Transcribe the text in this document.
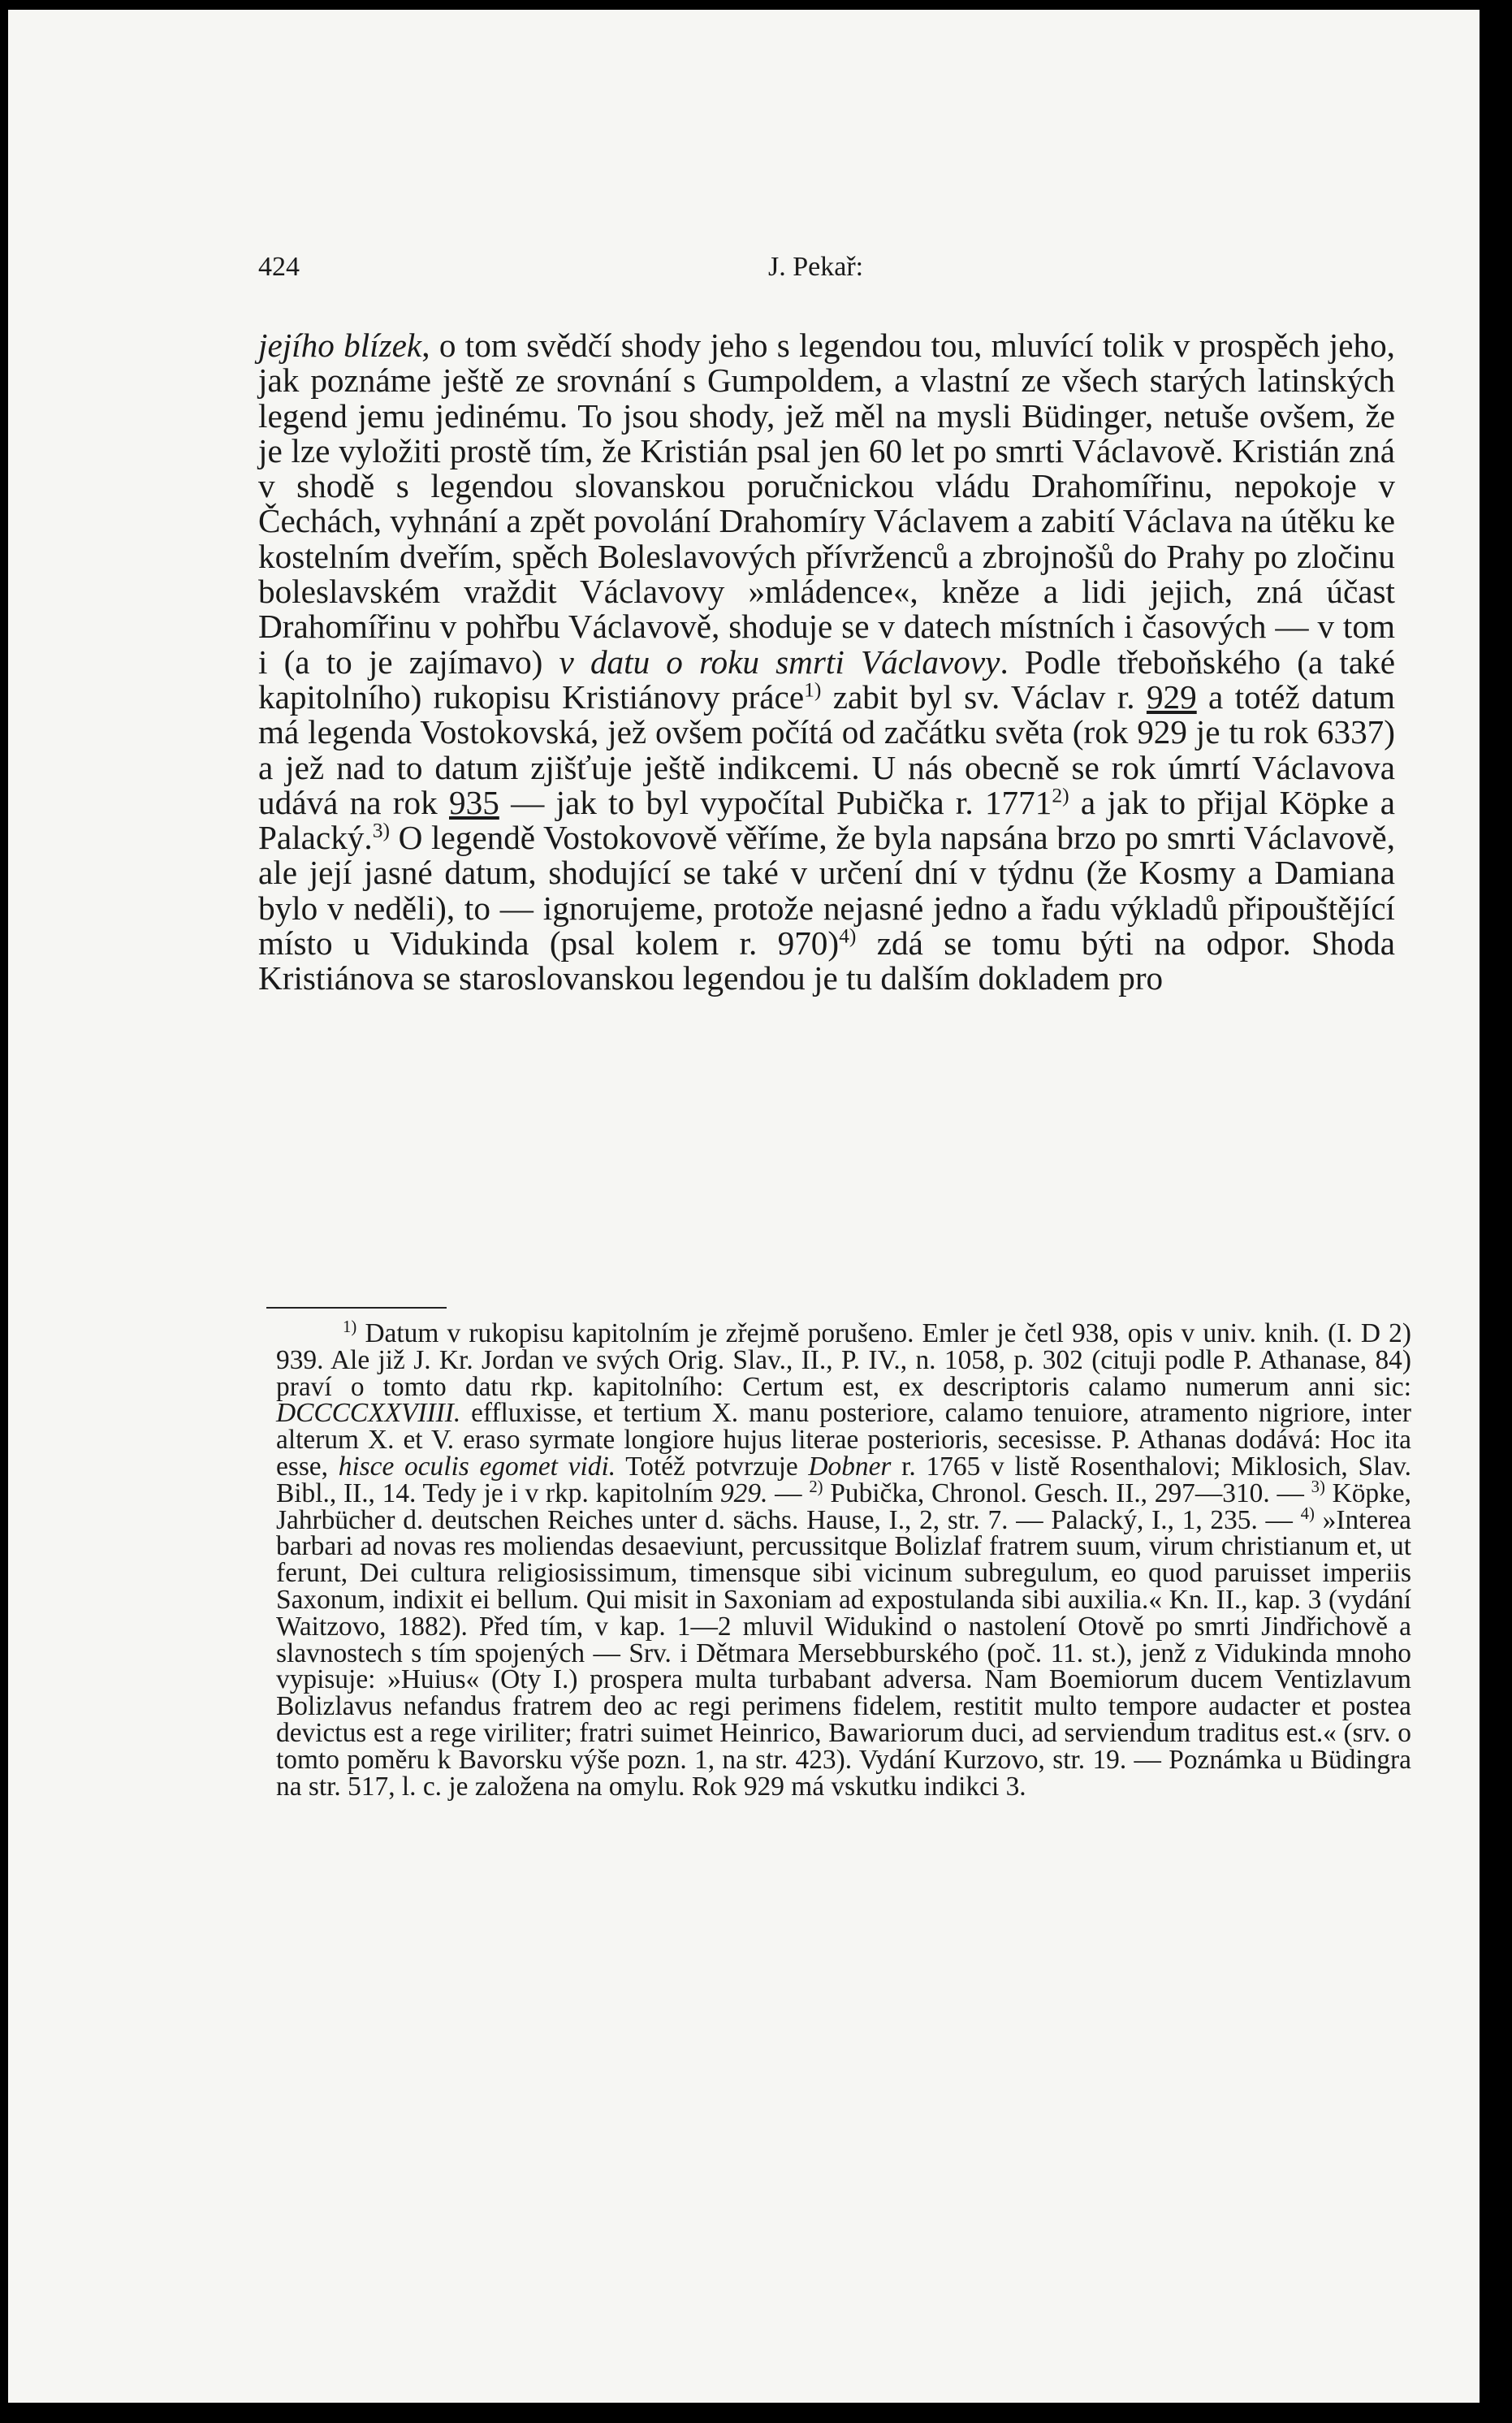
424	J. Pekař:

jejího blízek, o tom svědčí shody jeho s legendou tou, mluvící tolik v prospěch jeho, jak poznáme ještě ze srovnání s Gumpoldem, a vlastní ze všech starých latinských legend jemu jedinému. To jsou shody, jež měl na mysli Büdinger, netuše ovšem, že je lze vyložiti prostě tím, že Kristián psal jen 60 let po smrti Václavově. Kristián zná v shodě s legendou slovanskou poručnickou vládu Drahomířinu, nepokoje v Čechách, vyhnání a zpět povolání Drahomíry Václavem a zabití Václava na útěku ke kostelním dveřím, spěch Boleslavových přívrženců a zbrojnošů do Prahy po zločinu boleslavském vraždit Václavovy »mládence«, kněze a lidi jejich, zná účast Drahomířinu v pohřbu Václavově, shoduje se v datech místních i časových — v tom i (a to je zajímavo) v datu o roku smrti Václavovy. Podle třeboňského (a také kapitolního) rukopisu Kristiánovy práce$^{1)}$ zabit byl sv. Václav r. 929 a totéž datum má legenda Vostokovská, jež ovšem počítá od začátku světa (rok 929 je tu rok 6337) a jež nad to datum zjišťuje ještě indikcemi. U nás obecně se rok úmrtí Václavova udává na rok 935 — jak to byl vypočítal Pubička r. 1771$^{2)}$ a jak to přijal Köpke a Palacký.$^{3)}$ O legendě Vostokovově věříme, že byla napsána brzo po smrti Václavově, ale její jasné datum, shodující se také v určení dní v týdnu (že Kosmy a Damiana bylo v neděli), to — ignorujeme, protože nejasné jedno a řadu výkladů připouštějící místo u Vidukinda (psal kolem r. 970)$^{4)}$ zdá se tomu býti na odpor. Shoda Kristiánova se staroslovanskou legendou je tu dalším dokladem pro

$^{1)}$ Datum v rukopisu kapitolním je zřejmě porušeno. Emler je četl 938, opis v univ. knih. (I. D 2) 939. Ale již J. Kr. Jordan ve svých Orig. Slav., II., P. IV., n. 1058, p. 302 (cituji podle P. Athanase, 84) praví o tomto datu rkp. kapitolního: Certum est, ex descriptoris calamo numerum anni sic: DCCCCXXVIIII. effluxisse, et tertium X. manu posteriore, calamo tenuiore, atramento nigriore, inter alterum X. et V. eraso syrmate longiore hujus literae posterioris, secesisse. P. Athanas dodává: Hoc ita esse, hisce oculis egomet vidi. Totéž potvrzuje Dobner r. 1765 v listě Rosenthalovi; Miklosich, Slav. Bibl., II., 14. Tedy je i v rkp. kapitolním 929. — $^{2)}$ Pubička, Chronol. Gesch. II., 297—310. — $^{3)}$ Köpke, Jahrbücher d. deutschen Reiches unter d. sächs. Hause, I., 2, str. 7. — Palacký, I., 1, 235. — $^{4)}$ »Interea barbari ad novas res moliendas desaeviunt, percussitque Bolizlaf fratrem suum, virum christianum et, ut ferunt, Dei cultura religiosissimum, timensque sibi vicinum subregulum, eo quod paruisset imperiis Saxonum, indixit ei bellum. Qui misit in Saxoniam ad expostulanda sibi auxilia.« Kn. II., kap. 3 (vydání Waitzovo, 1882). Před tím, v kap. 1—2 mluvil Widukind o nastolení Otově po smrti Jindřichově a slavnostech s tím spojených — Srv. i Dětmara Mersebburského (poč. 11. st.), jenž z Vidukinda mnoho vypisuje: »Huius« (Oty I.) prospera multa turbabant adversa. Nam Boemiorum ducem Ventizlavum Bolizlavus nefandus fratrem deo ac regi perimens fidelem, restitit multo tempore audacter et postea devictus est a rege viriliter; fratri suimet Heinrico, Bawariorum duci, ad serviendum traditus est.« (srv. o tomto poměru k Bavorsku výše pozn. 1, na str. 423). Vydání Kurzovo, str. 19. — Poznámka u Büdingra na str. 517, l. c. je založena na omylu. Rok 929 má vskutku indikci 3.
